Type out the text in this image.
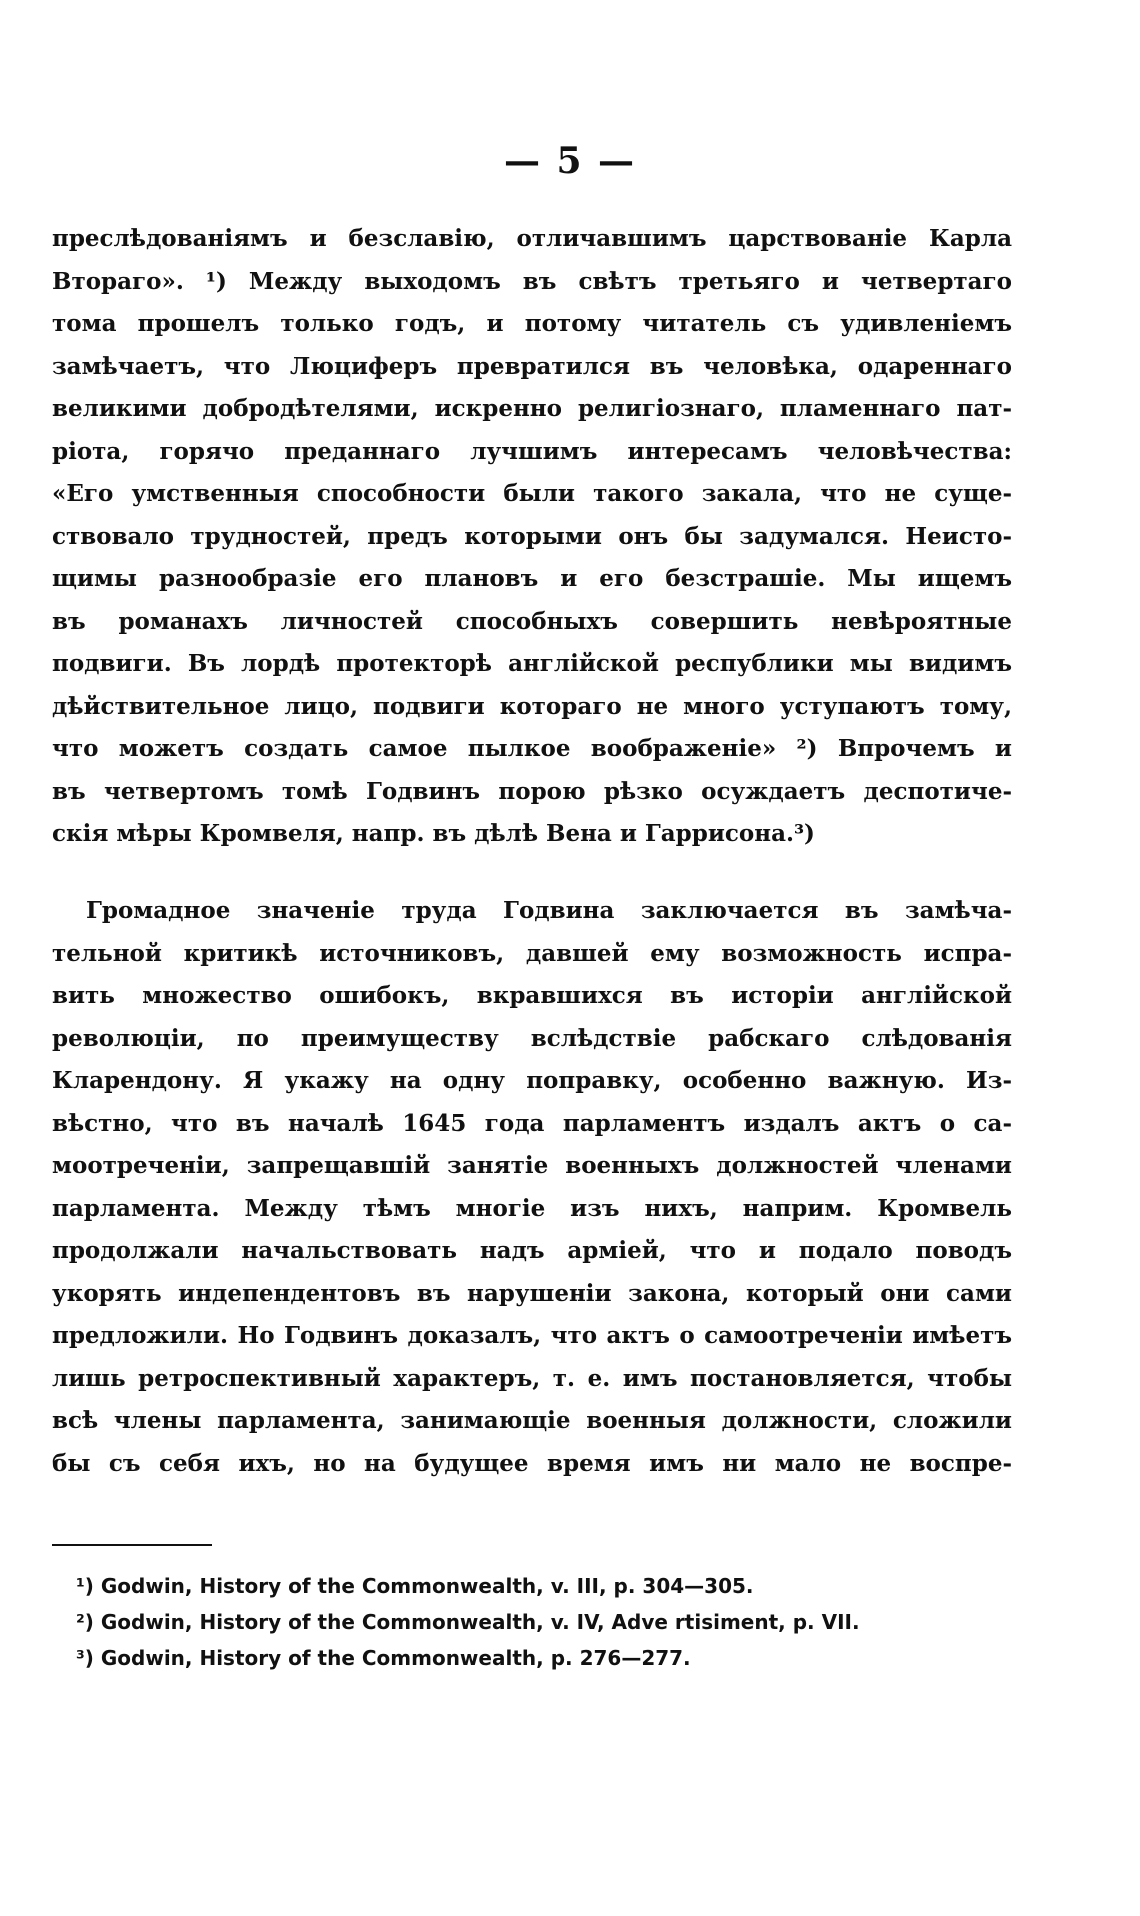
— 5 —
преслѣдованіямъ и безславію, отличавшимъ царствованіе Карла
Втораго». ¹) Между выходомъ въ свѣтъ третьяго и четвертаго
тома прошелъ только годъ, и потому читатель съ удивленіемъ
замѣчаетъ, что Люциферъ превратился въ человѣка, одареннаго
великими добродѣтелями, искренно религіознаго, пламеннаго пат-
ріота, горячо преданнаго лучшимъ интересамъ человѣчества:
«Его умственныя способности были такого закала, что не суще-
ствовало трудностей, предъ которыми онъ бы задумался. Неисто-
щимы разнообразіе его плановъ и его безстрашіе. Мы ищемъ
въ романахъ личностей способныхъ совершить невѣроятные
подвиги. Въ лордѣ протекторѣ англійской республики мы видимъ
дѣйствительное лицо, подвиги котораго не много уступаютъ тому,
что можетъ создать самое пылкое воображеніе» ²) Впрочемъ и
въ четвертомъ томѣ Годвинъ порою рѣзко осуждаетъ деспотиче-
скія мѣры Кромвеля, напр. въ дѣлѣ Вена и Гаррисона.³)
Громадное значеніе труда Годвина заключается въ замѣча-
тельной критикѣ источниковъ, давшей ему возможность испра-
вить множество ошибокъ, вкравшихся въ исторіи англійской
революціи, по преимуществу вслѣдствіе рабскаго слѣдованія
Кларендону. Я укажу на одну поправку, особенно важную. Из-
вѣстно, что въ началѣ 1645 года парламентъ издалъ актъ о са-
моотреченіи, запрещавшій занятіе военныхъ должностей членами
парламента. Между тѣмъ многіе изъ нихъ, наприм. Кромвель
продолжали начальствовать надъ арміей, что и подало поводъ
укорять индепендентовъ въ нарушеніи закона, который они сами
предложили. Но Годвинъ доказалъ, что актъ о самоотреченіи имѣетъ
лишь ретроспективный характеръ, т. е. имъ постановляется, чтобы
всѣ члены парламента, занимающіе военныя должности, сложили
бы съ себя ихъ, но на будущее время имъ ни мало не воспре-
¹) Godwin, History of the Commonwealth, v. III, p. 304—305.
²) Godwin, History of the Commonwealth, v. IV, Adve rtisiment, p. VII.
³) Godwin, History of the Commonwealth, p. 276—277.
